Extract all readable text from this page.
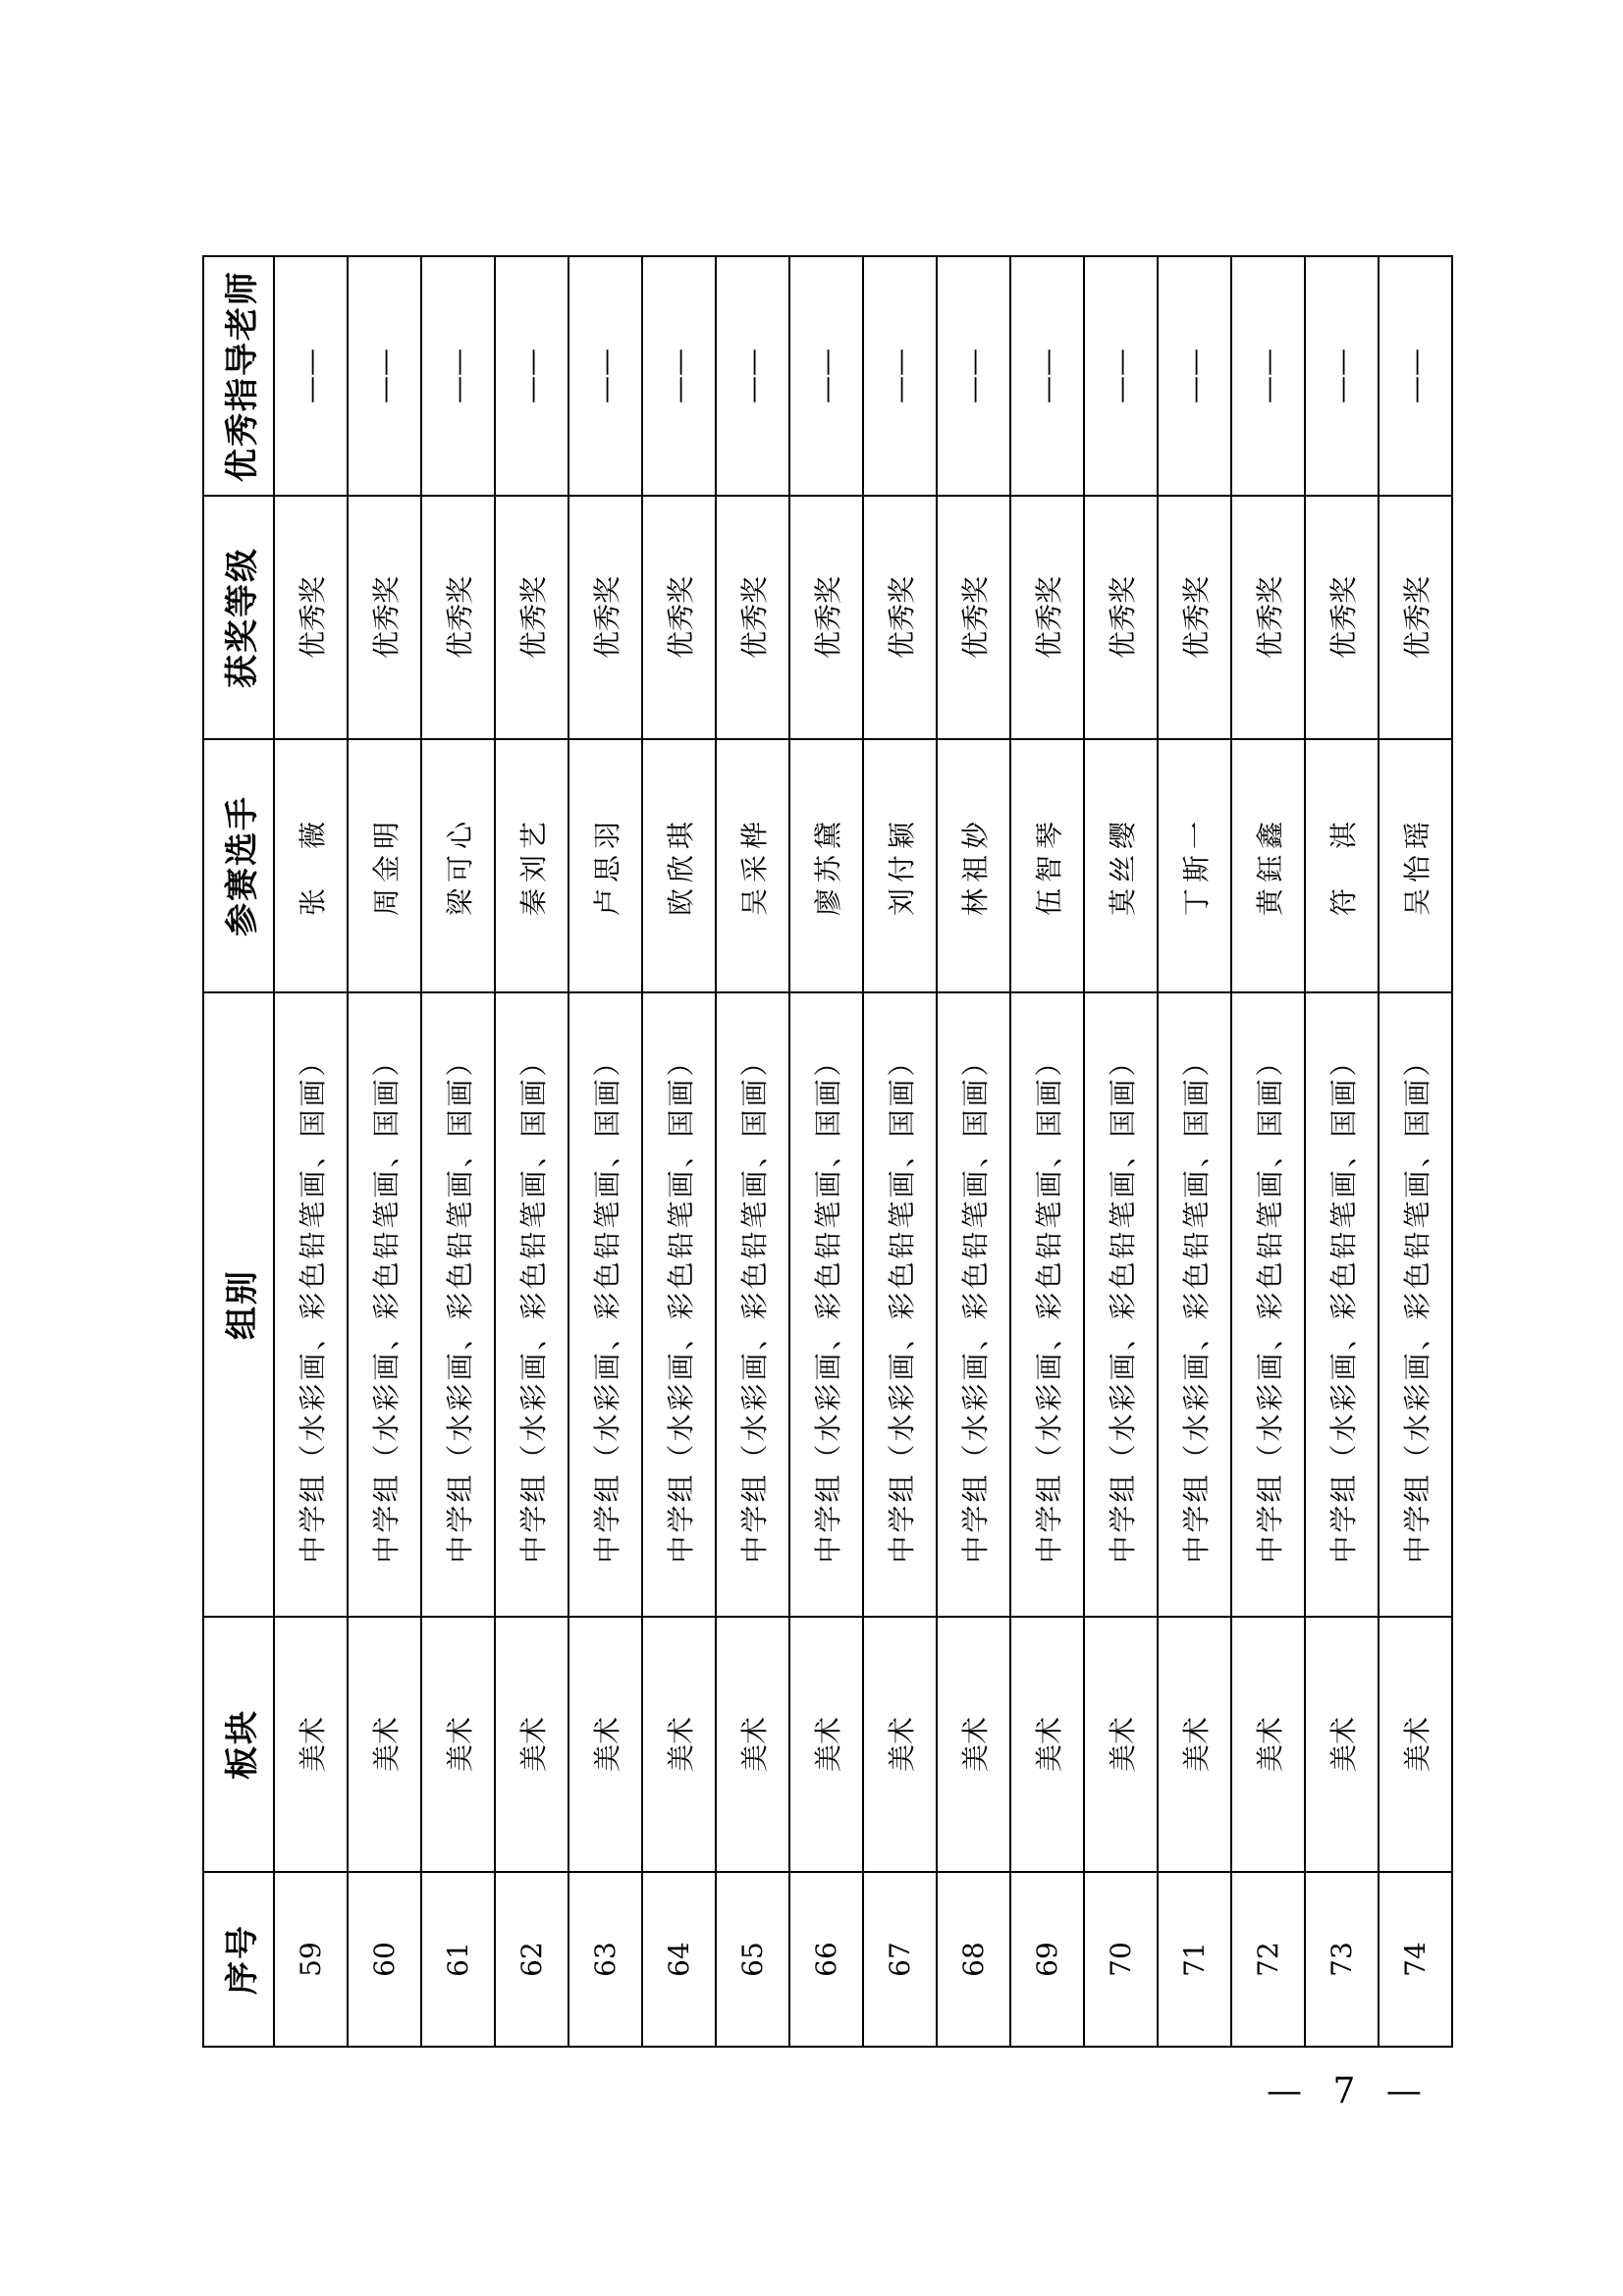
序号	板块	组别	参赛选手	获奖等级	优秀指导老师
59	美术	中学组（水彩画、彩色铅笔画、国画）	张　薇	优秀奖	——
60	美术	中学组（水彩画、彩色铅笔画、国画）	周金明	优秀奖	——
61	美术	中学组（水彩画、彩色铅笔画、国画）	梁可心	优秀奖	——
62	美术	中学组（水彩画、彩色铅笔画、国画）	秦刘艺	优秀奖	——
63	美术	中学组（水彩画、彩色铅笔画、国画）	卢思羽	优秀奖	——
64	美术	中学组（水彩画、彩色铅笔画、国画）	欧欣琪	优秀奖	——
65	美术	中学组（水彩画、彩色铅笔画、国画）	吴采桦	优秀奖	——
66	美术	中学组（水彩画、彩色铅笔画、国画）	廖苏黛	优秀奖	——
67	美术	中学组（水彩画、彩色铅笔画、国画）	刘付颖	优秀奖	——
68	美术	中学组（水彩画、彩色铅笔画、国画）	林祖妙	优秀奖	——
69	美术	中学组（水彩画、彩色铅笔画、国画）	伍智琴	优秀奖	——
70	美术	中学组（水彩画、彩色铅笔画、国画）	莫丝缨	优秀奖	——
71	美术	中学组（水彩画、彩色铅笔画、国画）	丁斯一	优秀奖	——
72	美术	中学组（水彩画、彩色铅笔画、国画）	黄鈺鑫	优秀奖	——
73	美术	中学组（水彩画、彩色铅笔画、国画）	符　淇	优秀奖	——
74	美术	中学组（水彩画、彩色铅笔画、国画）	吴怡瑶	优秀奖	——
— 7 —
